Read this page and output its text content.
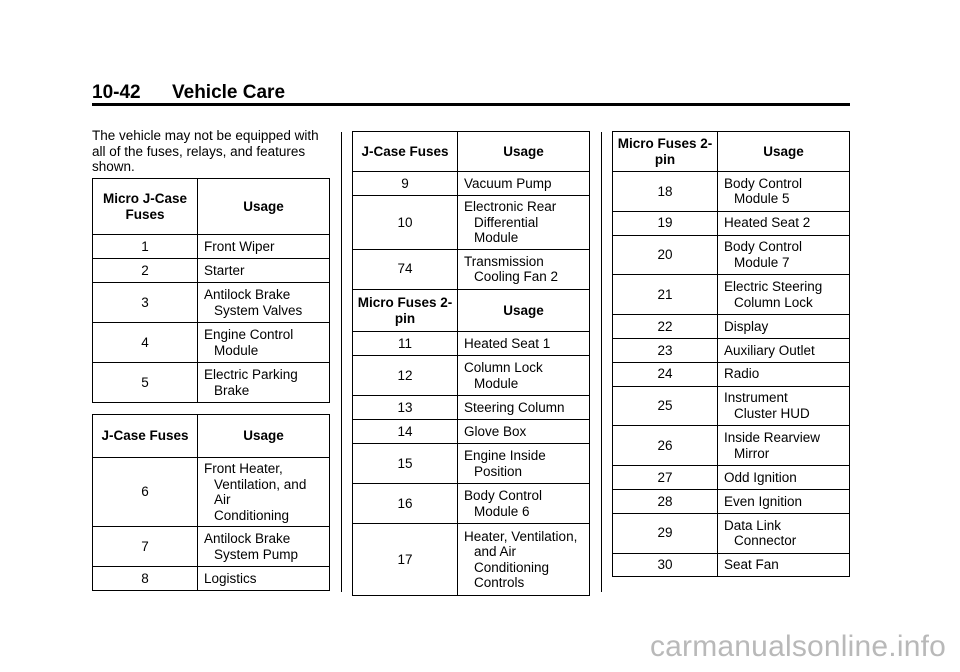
10-42 Vehicle Care

The vehicle may not be equipped with all of the fuses, relays, and features shown.

Micro J-Case Fuses	Usage
1	Front Wiper

2	Starter

3	Antilock Brake
System Valves

4	Engine Control
Module

5	Electric Parking
Brake
J-Case Fuses	Usage
6	Front Heater,
Ventilation, and Air
Conditioning

7	Antilock Brake
System Pump

8	Logistics
J-Case Fuses	Usage
9	Vacuum Pump

10	Electronic Rear
Differential Module

74	Transmission
Cooling Fan 2
Micro Fuses 2-pin	Usage
11	Heated Seat 1

12	Column Lock
Module

13	Steering Column

14	Glove Box

15	Engine Inside
Position

16	Body Control
Module 6

17	Heater, Ventilation,
and Air
Conditioning
Controls
Micro Fuses 2-pin	Usage
18	Body Control
Module 5

19	Heated Seat 2

20	Body Control
Module 7

21	Electric Steering
Column Lock

22	Display

23	Auxiliary Outlet

24	Radio

25	Instrument
Cluster HUD

26	Inside Rearview
Mirror

27	Odd Ignition

28	Even Ignition

29	Data Link
Connector

30	Seat Fan
carmanualsonline.info
